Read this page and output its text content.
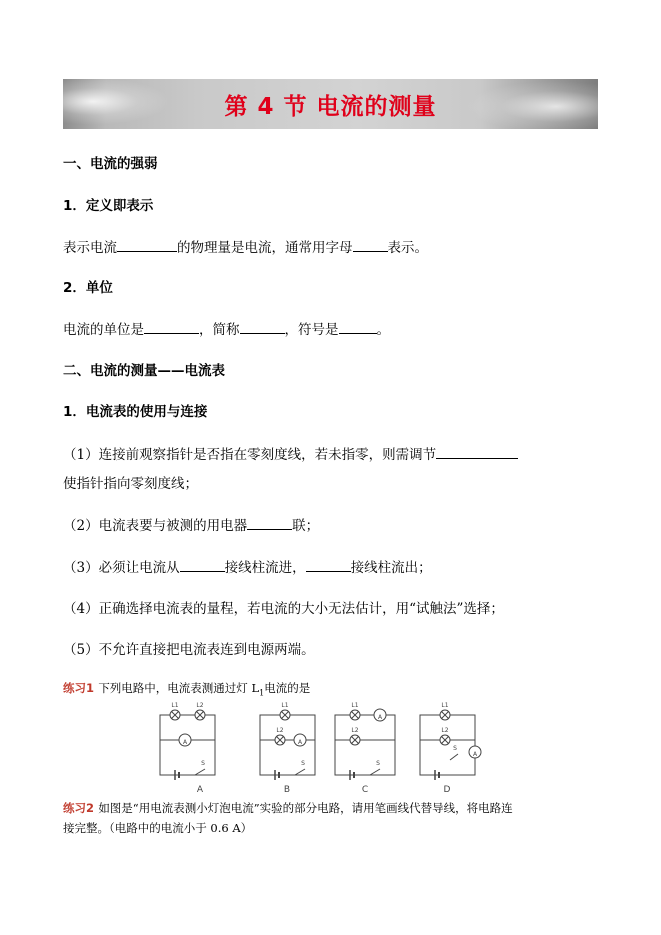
第 4 节 电流的测量
一、电流的强弱
1．定义即表示
表示电流	的物理量是电流，通常用字母	表示。
2．单位
电流的单位是	，简称	，符号是	。
二、电流的测量——电流表
1．电流表的使用与连接
（1）连接前观察指针是否指在零刻度线，若未指零，则需调节
使指针指向零刻度线；
（2）电流表要与被测的用电器	联；
（3）必须让电流从	接线柱流进，	接线柱流出；
（4）正确选择电流表的量程，若电流的大小无法估计，用“试触法”选择；
（5）不允许直接把电流表连到电源两端。
练习1 下列电路中，电流表测通过灯 $L_1$电流的是
A
L1	L2
S
A
A
L1
L2
S
B
A
L1
L2
S
C
A
L1
L2
S
D
练习2 如图是“用电流表测小灯泡电流”实验的部分电路，请用笔画线代替导线，将电路连
接完整。（电路中的电流小于 0.6 A）
